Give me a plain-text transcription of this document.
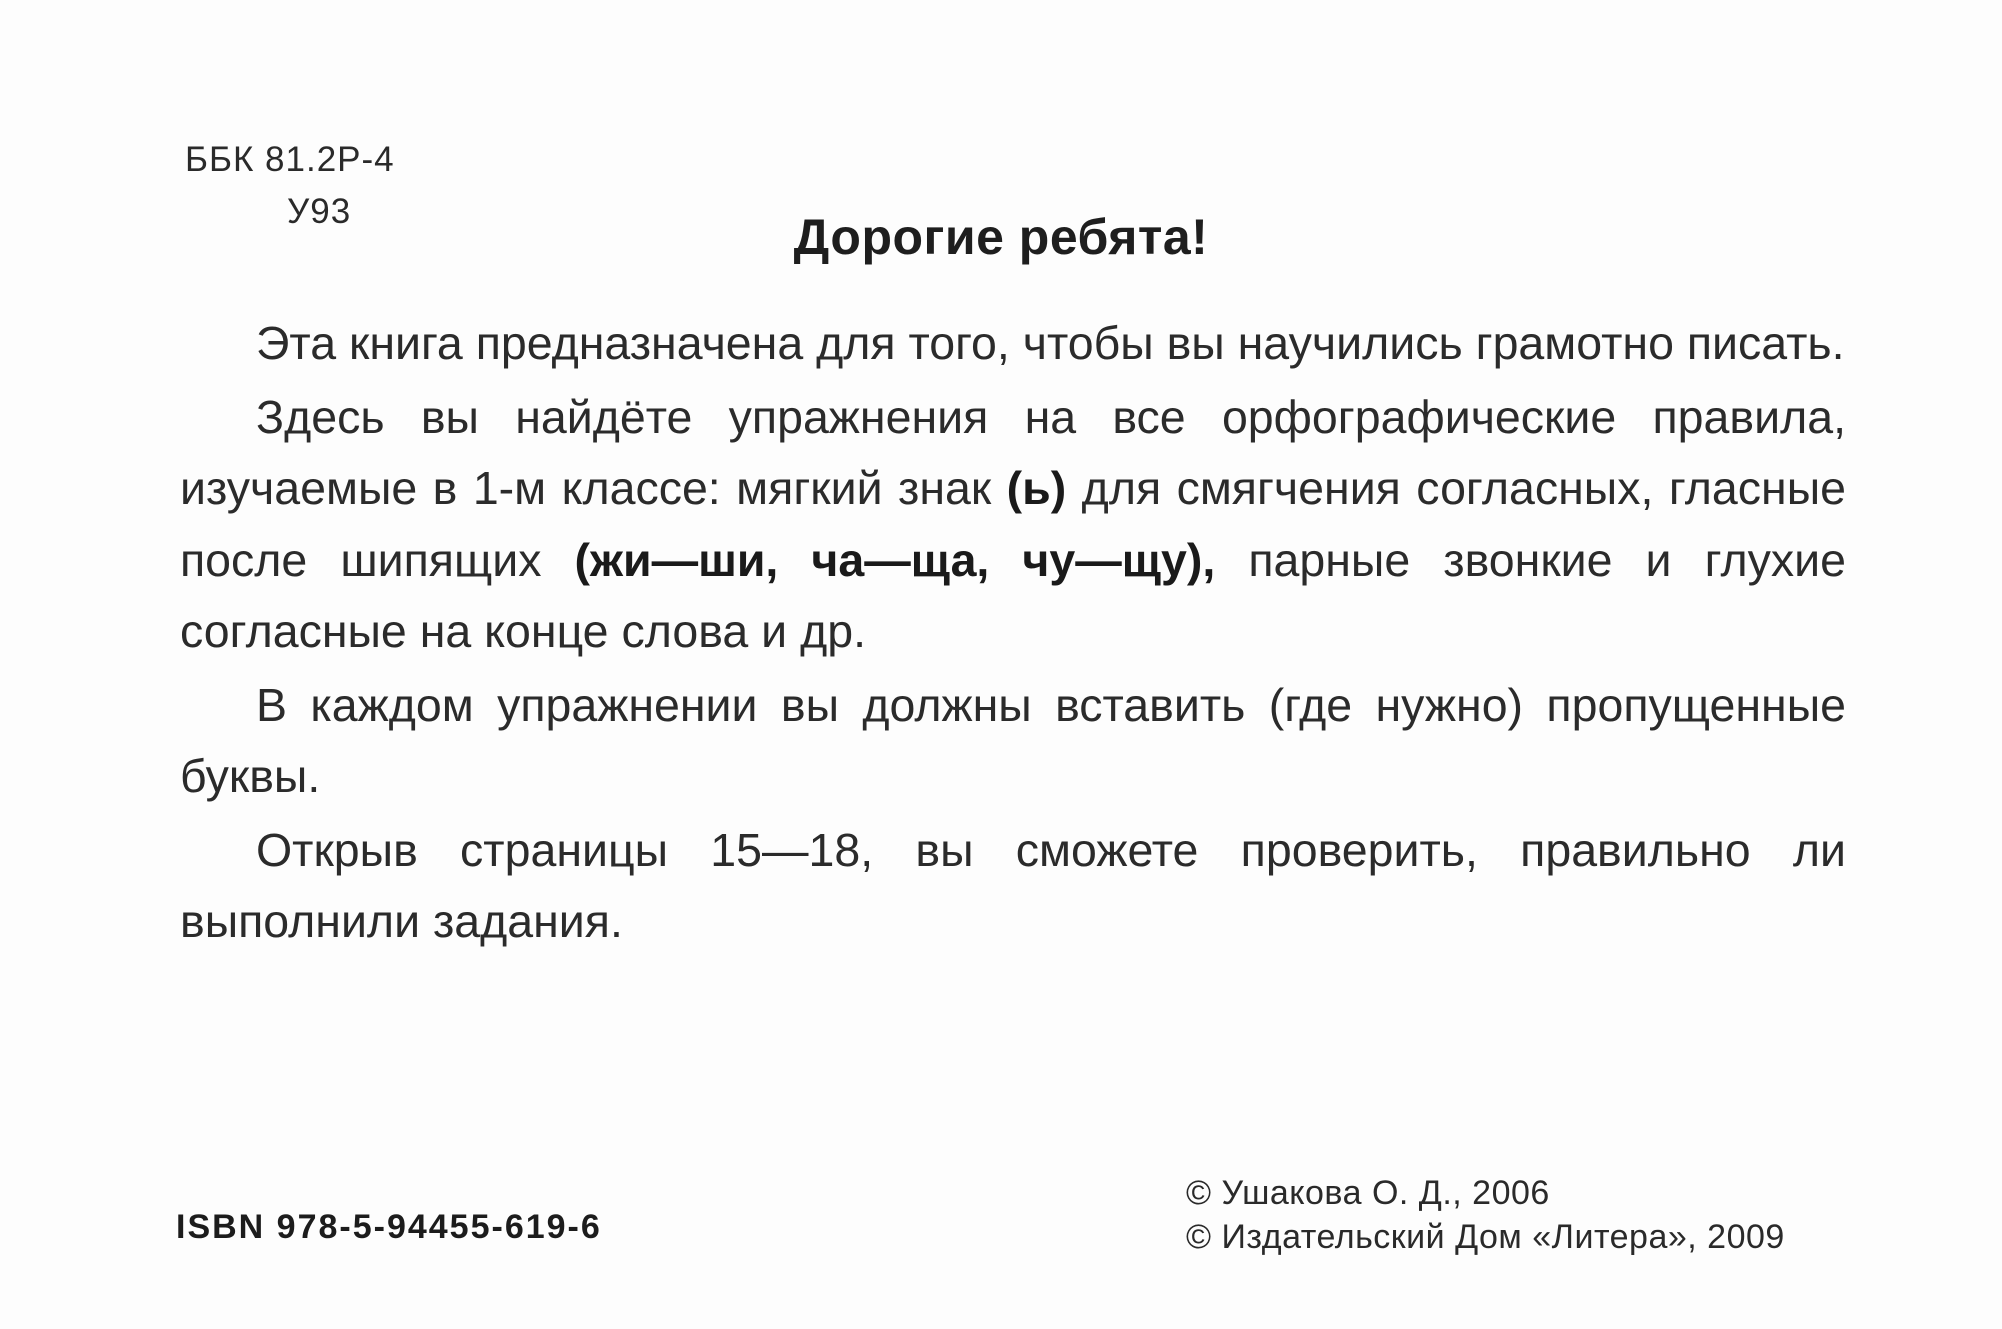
ББК 81.2Р-4
У93	Дорогие ребята!

Эта книга предназначена для того, чтобы вы научились грамотно писать.

Здесь вы найдёте упражнения на все орфографические правила, изучаемые в 1-м классе: мягкий знак (ь) для смягчения согласных, гласные после шипящих (жи—ши, ча—ща, чу—щу), парные звонкие и глухие согласные на конце слова и др.

В каждом упражнении вы должны вставить (где нужно) пропущенные буквы.

Открыв страницы 15—18, вы сможете проверить, правильно ли выполнили задания.

ISBN 978-5-94455-619-6
© Ушакова О. Д., 2006
© Издательский Дом «Литера», 2009
